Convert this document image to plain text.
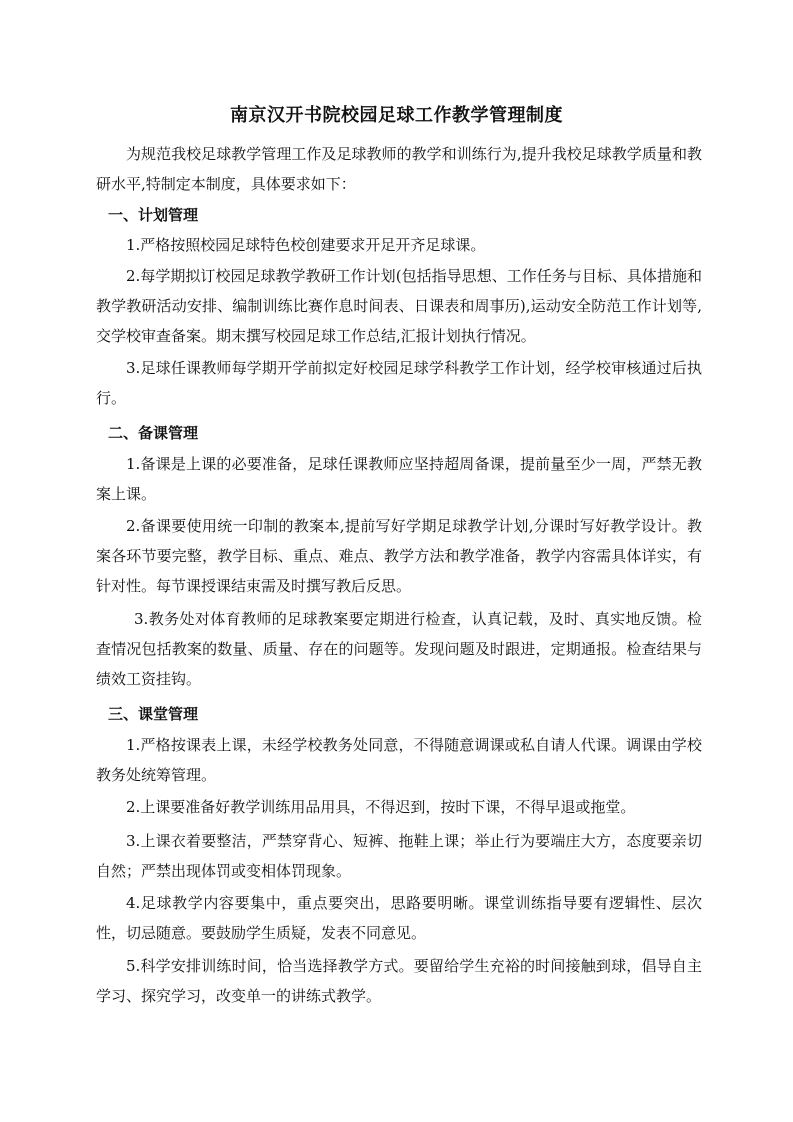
南京汉开书院校园足球工作教学管理制度

为规范我校足球教学管理工作及足球教师的教学和训练行为,提升我校足球教学质量和教研水平,特制定本制度，具体要求如下：

一、计划管理

1.严格按照校园足球特色校创建要求开足开齐足球课。

2.每学期拟订校园足球教学教研工作计划(包括指导思想、工作任务与目标、具体措施和教学教研活动安排、编制训练比赛作息时间表、日课表和周事历),运动安全防范工作计划等,交学校审查备案。期末撰写校园足球工作总结,汇报计划执行情况。

3.足球任课教师每学期开学前拟定好校园足球学科教学工作计划，经学校审核通过后执行。

二、备课管理

1.备课是上课的必要准备，足球任课教师应坚持超周备课，提前量至少一周，严禁无教案上课。

2.备课要使用统一印制的教案本,提前写好学期足球教学计划,分课时写好教学设计。教案各环节要完整，教学目标、重点、难点、教学方法和教学准备，教学内容需具体详实，有针对性。每节课授课结束需及时撰写教后反思。

3.教务处对体育教师的足球教案要定期进行检查，认真记载，及时、真实地反馈。检查情况包括教案的数量、质量、存在的问题等。发现问题及时跟进，定期通报。检查结果与绩效工资挂钩。

三、课堂管理

1.严格按课表上课，未经学校教务处同意，不得随意调课或私自请人代课。调课由学校教务处统筹管理。

2.上课要准备好教学训练用品用具，不得迟到，按时下课，不得早退或拖堂。

3.上课衣着要整洁，严禁穿背心、短裤、拖鞋上课；举止行为要端庄大方，态度要亲切自然；严禁出现体罚或变相体罚现象。

4.足球教学内容要集中，重点要突出，思路要明晰。课堂训练指导要有逻辑性、层次性，切忌随意。要鼓励学生质疑，发表不同意见。

5.科学安排训练时间，恰当选择教学方式。要留给学生充裕的时间接触到球，倡导自主学习、探究学习，改变单一的讲练式教学。
